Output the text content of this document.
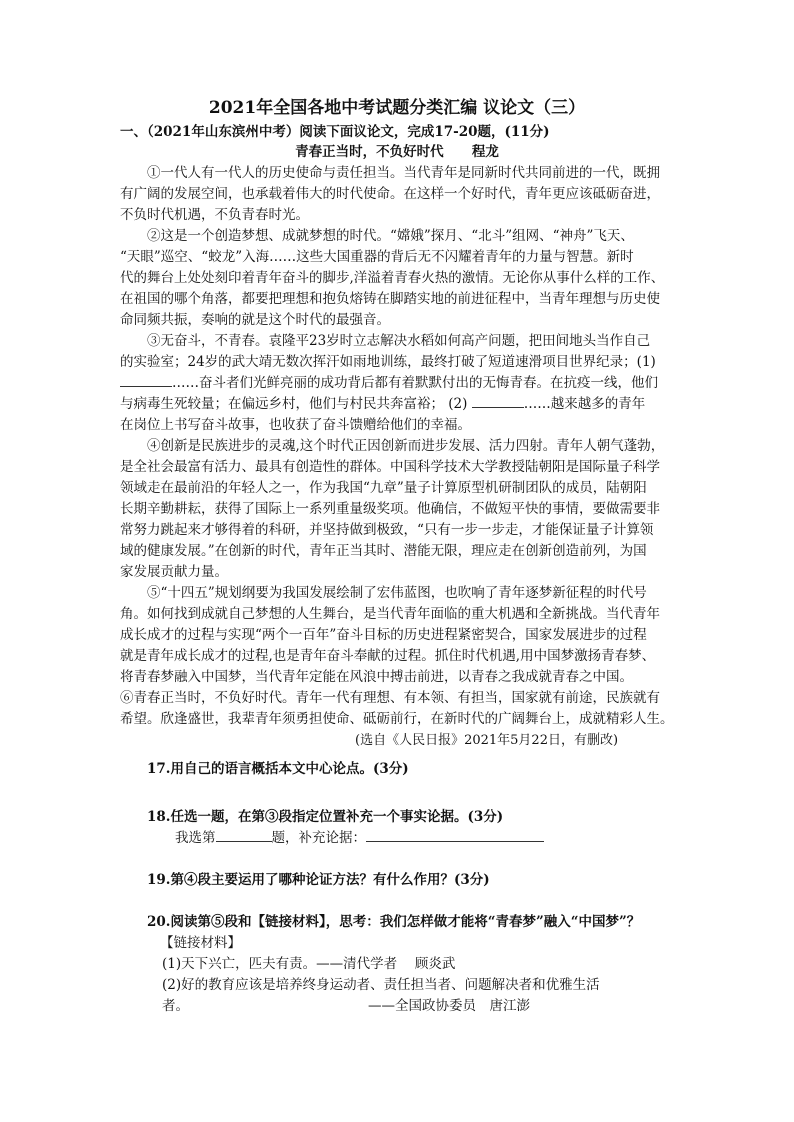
2021年全国各地中考试题分类汇编 议论文（三）
一、（2021年山东滨州中考）阅读下面议论文，完成17-20题，(11分)
青春正当时，不负好时代 程龙
①一代人有一代人的历史使命与责任担当。当代青年是同新时代共同前进的一代，既拥
有广阔的发展空间，也承载着伟大的时代使命。在这样一个好时代，青年更应该砥砺奋进，
不负时代机遇，不负青春时光。
②这是一个创造梦想、成就梦想的时代。“嫦娥”探月、“北斗”组网、“神舟”飞天、
“天眼”巡空、“蛟龙”入海……这些大国重器的背后无不闪耀着青年的力量与智慧。新时
代的舞台上处处刻印着青年奋斗的脚步,洋溢着青春火热的激情。无论你从事什么样的工作、
在祖国的哪个角落，都要把理想和抱负熔铸在脚踏实地的前进征程中，当青年理想与历史使
命同频共振，奏响的就是这个时代的最强音。
③无奋斗，不青春。袁隆平23岁时立志解决水稻如何高产问题，把田间地头当作自己
的实验室；24岁的武大靖无数次挥汗如雨地训练，最终打破了短道速滑项目世界纪录；(1)
……奋斗者们光鲜亮丽的成功背后都有着默默付出的无悔青春。在抗疫一线，他们
与病毒生死较量；在偏远乡村，他们与村民共奔富裕； (2)	……越来越多的青年
在岗位上书写奋斗故事，也收获了奋斗馈赠给他们的幸福。
④创新是民族进步的灵魂,这个时代正因创新而进步发展、活力四射。青年人朝气蓬勃，
是全社会最富有活力、最具有创造性的群体。中国科学技术大学教授陆朝阳是国际量子科学
领域走在最前沿的年轻人之一，作为我国“九章”量子计算原型机研制团队的成员，陆朝阳
长期辛勤耕耘，获得了国际上一系列重量级奖项。他确信，不做短平快的事情，要做需要非
常努力跳起来才够得着的科研，并坚持做到极致，“只有一步一步走，才能保证量子计算领
域的健康发展。”在创新的时代，青年正当其时、潜能无限，理应走在创新创造前列，为国
家发展贡献力量。
⑤“十四五”规划纲要为我国发展绘制了宏伟蓝图，也吹响了青年逐梦新征程的时代号
角。如何找到成就自己梦想的人生舞台，是当代青年面临的重大机遇和全新挑战。当代青年
成长成才的过程与实现“两个一百年”奋斗目标的历史进程紧密契合，国家发展进步的过程
就是青年成长成才的过程,也是青年奋斗奉献的过程。抓住时代机遇,用中国梦激扬青春梦、
将青春梦融入中国梦，当代青年定能在风浪中搏击前进，以青春之我成就青春之中国。
⑥青春正当时，不负好时代。青年一代有理想、有本领、有担当，国家就有前途，民族就有
希望。欣逢盛世，我辈青年须勇担使命、砥砺前行，在新时代的广阔舞台上，成就精彩人生。
(选自《人民日报》2021年5月22日，有删改)
17.用自己的语言概括本文中心论点。(3分)
18.任选一题，在第③段指定位置补充一个事实论据。(3分)
我选第	题，补充论据：
19.第④段主要运用了哪种论证方法？有什么作用？(3分)
20.阅读第⑤段和【链接材料】，思考：我们怎样做才能将“青春梦”融入“中国梦”？
【链接材料】
(1)天下兴亡，匹夫有责。——清代学者　 顾炎武
(2)好的教育应该是培养终身运动者、责任担当者、问题解决者和优雅生活
者。	——全国政协委员　唐江澎
